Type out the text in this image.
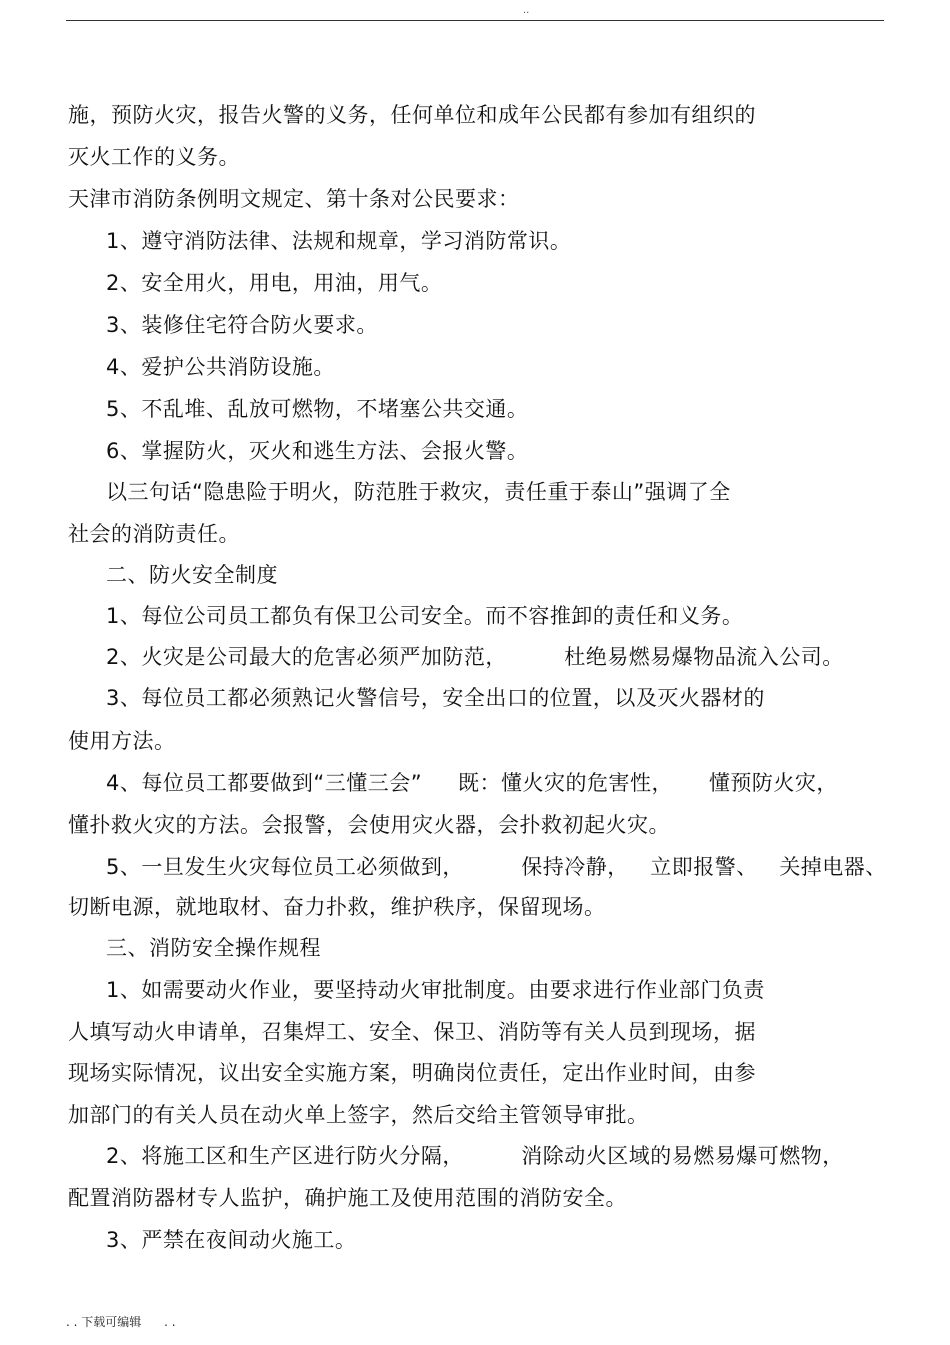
..
施，预防火灾，报告火警的义务，任何单位和成年公民都有参加有组织的
灭火工作的义务。
天津市消防条例明文规定、第十条对公民要求：
1、遵守消防法律、法规和规章，学习消防常识。
2、安全用火，用电，用油，用气。
3、装修住宅符合防火要求。
4、爱护公共消防设施。
5、不乱堆、乱放可燃物，不堵塞公共交通。
6、掌握防火，灭火和逃生方法、会报火警。
以三句话“隐患险于明火，防范胜于救灾，责任重于泰山”强调了全
社会的消防责任。
二、防火安全制度
1、每位公司员工都负有保卫公司安全。而不容推卸的责任和义务。
2、火灾是公司最大的危害必须严加防范，        杜绝易燃易爆物品流入公司。
3、每位员工都必须熟记火警信号，安全出口的位置，以及灭火器材的
使用方法。
4、每位员工都要做到“三懂三会”     既：懂火灾的危害性，     懂预防火灾，
懂扑救火灾的方法。会报警，会使用灾火器，会扑救初起火灾。
5、一旦发生火灾每位员工必须做到，        保持冷静，   立即报警、   关掉电器、
切断电源，就地取材、奋力扑救，维护秩序，保留现场。
三、消防安全操作规程
1、如需要动火作业，要坚持动火审批制度。由要求进行作业部门负责
人填写动火申请单，召集焊工、安全、保卫、消防等有关人员到现场，据
现场实际情况，议出安全实施方案，明确岗位责任，定出作业时间，由参
加部门的有关人员在动火单上签字，然后交给主管领导审批。
2、将施工区和生产区进行防火分隔，        消除动火区域的易燃易爆可燃物，
配置消防器材专人监护，确护施工及使用范围的消防安全。
3、严禁在夜间动火施工。
. . 下载可编辑      . .
